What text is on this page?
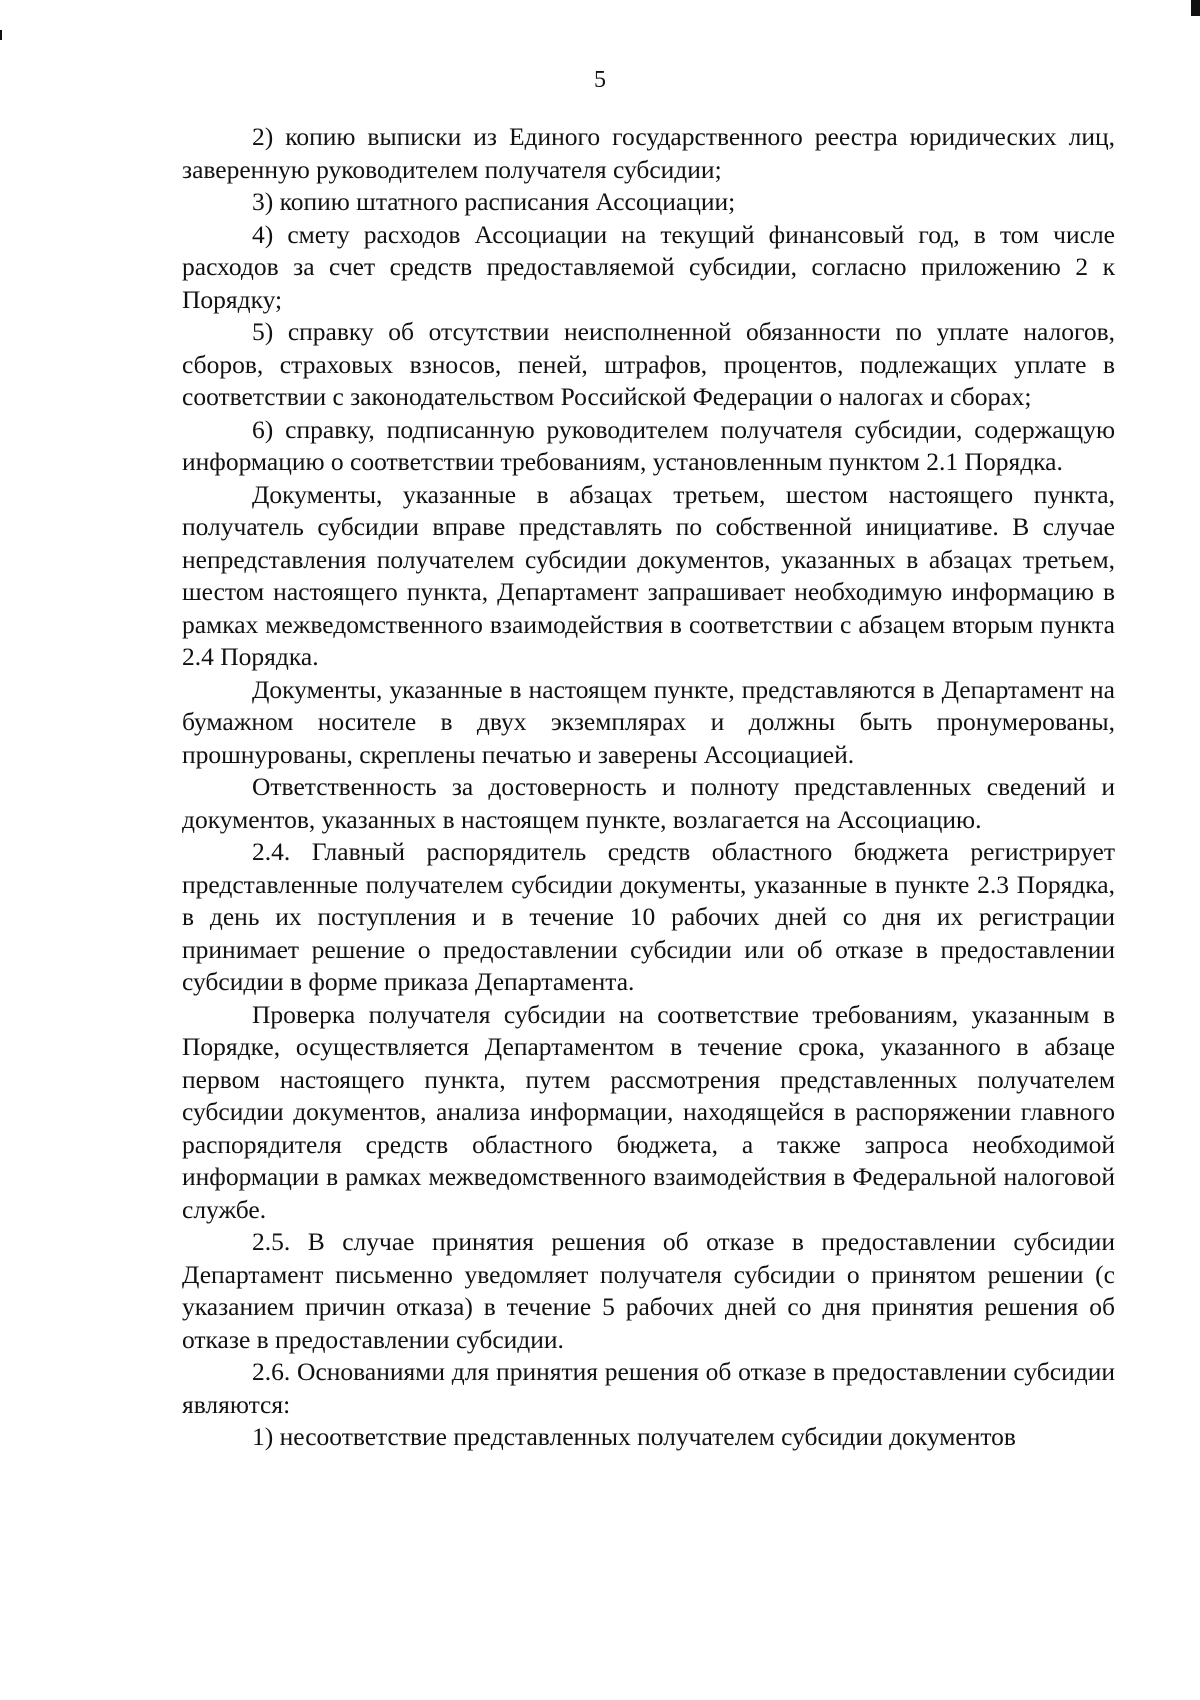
5

2) копию выписки из Единого государственного реестра юридических лиц, заверенную руководителем получателя субсидии;

3) копию штатного расписания Ассоциации;

4) смету расходов Ассоциации на текущий финансовый год, в том числе расходов за счет средств предоставляемой субсидии, согласно приложению 2 к Порядку;

5) справку об отсутствии неисполненной обязанности по уплате налогов, сборов, страховых взносов, пеней, штрафов, процентов, подлежащих уплате в соответствии с законодательством Российской Федерации о налогах и сборах;

6) справку, подписанную руководителем получателя субсидии, содержащую информацию о соответствии требованиям, установленным пунктом 2.1 Порядка.

Документы, указанные в абзацах третьем, шестом настоящего пункта, получатель субсидии вправе представлять по собственной инициативе. В случае непредставления получателем субсидии документов, указанных в абзацах третьем, шестом настоящего пункта, Департамент запрашивает необходимую информацию в рамках межведомственного взаимодействия в соответствии с абзацем вторым пункта 2.4 Порядка.

Документы, указанные в настоящем пункте, представляются в Департамент на бумажном носителе в двух экземплярах и должны быть пронумерованы, прошнурованы, скреплены печатью и заверены Ассоциацией.

Ответственность за достоверность и полноту представленных сведений и документов, указанных в настоящем пункте, возлагается на Ассоциацию.

2.4. Главный распорядитель средств областного бюджета регистрирует представленные получателем субсидии документы, указанные в пункте 2.3 Порядка, в день их поступления и в течение 10 рабочих дней со дня их регистрации принимает решение о предоставлении субсидии или об отказе в предоставлении субсидии в форме приказа Департамента.

Проверка получателя субсидии на соответствие требованиям, указанным в Порядке, осуществляется Департаментом в течение срока, указанного в абзаце первом настоящего пункта, путем рассмотрения представленных получателем субсидии документов, анализа информации, находящейся в распоряжении главного распорядителя средств областного бюджета, а также запроса необходимой информации в рамках межведомственного взаимодействия в Федеральной налоговой службе.

2.5. В случае принятия решения об отказе в предоставлении субсидии Департамент письменно уведомляет получателя субсидии о принятом решении (с указанием причин отказа) в течение 5 рабочих дней со дня принятия решения об отказе в предоставлении субсидии.

2.6. Основаниями для принятия решения об отказе в предоставлении субсидии являются:

1) несоответствие представленных получателем субсидии документов
